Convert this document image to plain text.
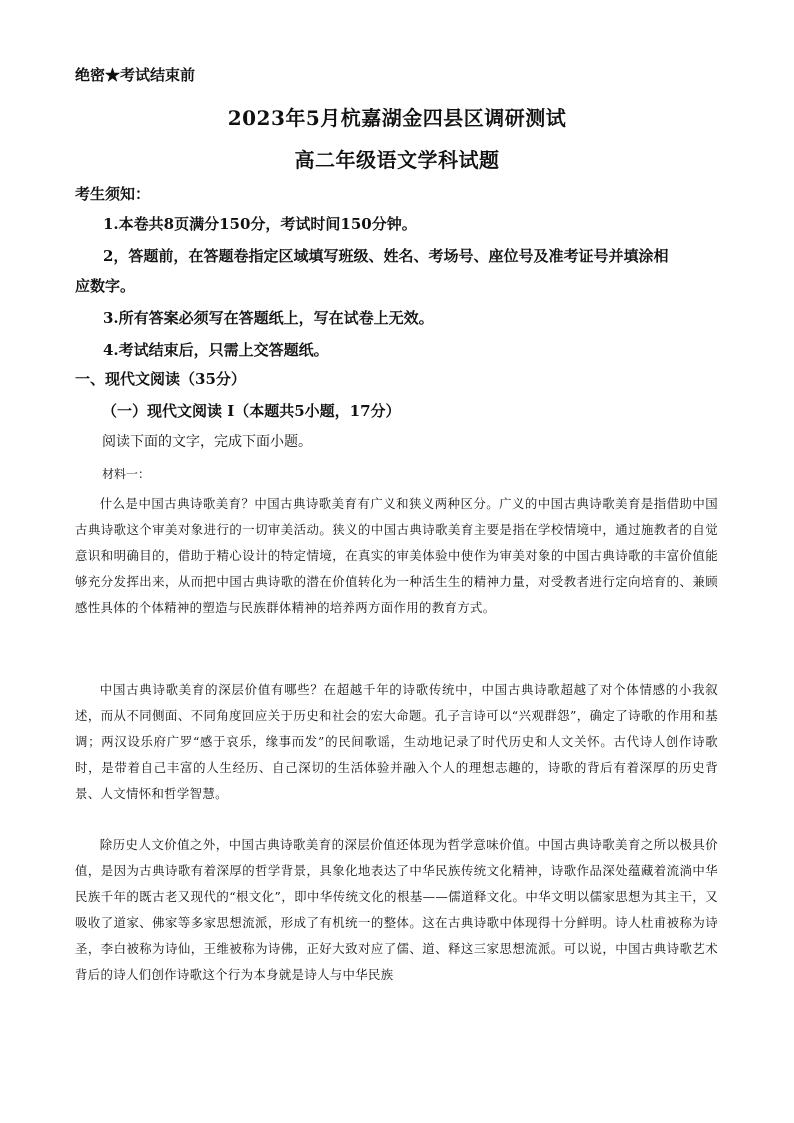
绝密★考试结束前
2023年5月杭嘉湖金四县区调研测试
高二年级语文学科试题
考生须知：
1.本卷共8页满分150分，考试时间150分钟。
2，答题前，在答题卷指定区域填写班级、姓名、考场号、座位号及准考证号并填涂相
应数字。
3.所有答案必须写在答题纸上，写在试卷上无效。
4.考试结束后，只需上交答题纸。
一、现代文阅读（35分）
（一）现代文阅读 I（本题共5小题，17分）
阅读下面的文字，完成下面小题。
材料一：

什么是中国古典诗歌美育？中国古典诗歌美育有广义和狭义两种区分。广义的中国古典诗歌美育是指借助中国古典诗歌这个审美对象进行的一切审美活动。狭义的中国古典诗歌美育主要是指在学校情境中，通过施教者的自觉意识和明确目的，借助于精心设计的特定情境，在真实的审美体验中使作为审美对象的中国古典诗歌的丰富价值能够充分发挥出来，从而把中国古典诗歌的潜在价值转化为一种活生生的精神力量，对受教者进行定向培育的、兼顾感性具体的个体精神的塑造与民族群体精神的培养两方面作用的教育方式。

中国古典诗歌美育的深层价值有哪些？在超越千年的诗歌传统中，中国古典诗歌超越了对个体情感的小我叙述，而从不同侧面、不同角度回应关于历史和社会的宏大命题。孔子言诗可以“兴观群怨”，确定了诗歌的作用和基调；两汉设乐府广罗“感于哀乐，缘事而发”的民间歌谣，生动地记录了时代历史和人文关怀。古代诗人创作诗歌时，是带着自己丰富的人生经历、自己深切的生活体验并融入个人的理想志趣的，诗歌的背后有着深厚的历史背景、人文情怀和哲学智慧。

除历史人文价值之外，中国古典诗歌美育的深层价值还体现为哲学意味价值。中国古典诗歌美育之所以极具价值，是因为古典诗歌有着深厚的哲学背景，具象化地表达了中华民族传统文化精神，诗歌作品深处蕴藏着流淌中华民族千年的既古老又现代的“根文化”，即中华传统文化的根基——儒道释文化。中华文明以儒家思想为其主干，又吸收了道家、佛家等多家思想流派，形成了有机统一的整体。这在古典诗歌中体现得十分鲜明。诗人杜甫被称为诗圣，李白被称为诗仙，王维被称为诗佛，正好大致对应了儒、道、释这三家思想流派。可以说，中国古典诗歌艺术背后的诗人们创作诗歌这个行为本身就是诗人与中华民族
